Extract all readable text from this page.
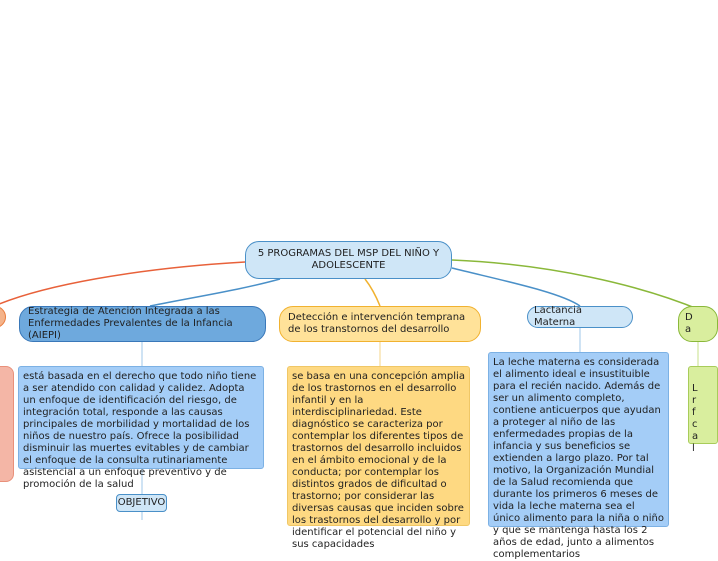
5 PROGRAMAS DEL MSP DEL NIÑO Y ADOLESCENTE
Estrategia de Atención Integrada a las Enfermedades Prevalentes de la Infancia (AIEPI)
está basada en el derecho que todo niño tiene a ser atendido con calidad y calidez. Adopta un enfoque de identificación del riesgo, de integración total, responde a las causas principales de morbilidad y mortalidad de los niños de nuestro país. Ofrece la posibilidad disminuir las muertes evitables y de cambiar el enfoque de la consulta rutinariamente asistencial a un enfoque preventivo y de promoción de la salud
OBJETIVO
Detección e intervención temprana de los transtornos del desarrollo
se basa en una concepción amplia de los trastornos en el desarrollo infantil y en la interdisciplinariedad. Este diagnóstico se caracteriza por contemplar los diferentes tipos de trastornos del desarrollo incluidos en el ámbito emocional y de la conducta; por contemplar los distintos grados de dificultad o trastorno; por considerar las diversas causas que inciden sobre los trastornos del desarrollo y por identificar el potencial del niño y sus capacidades
Lactancia Materna
La leche materna es considerada el alimento ideal e insustituible para el recién nacido. Además de ser un alimento completo, contiene anticuerpos que ayudan a proteger al niño de las enfermedades propias de la infancia y sus beneficios se extienden a largo plazo. Por tal motivo, la Organización Mundial de la Salud recomienda que durante los primeros 6 meses de vida la leche materna sea el único alimento para la niña o niño y que se mantenga hasta los 2 años de edad, junto a alimentos complementarios
D
a

L
r
f
c
a
l
